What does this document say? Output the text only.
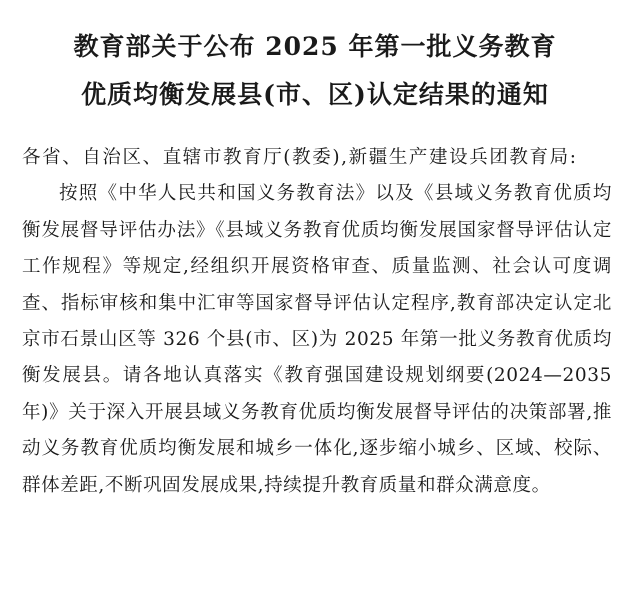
教育部关于公布 2025 年第一批义务教育
优质均衡发展县(市、区)认定结果的通知

各省、自治区、直辖市教育厅(教委),新疆生产建设兵团教育局:

按照《中华人民共和国义务教育法》以及《县域义务教育优质均衡发展督导评估办法》《县域义务教育优质均衡发展国家督导评估认定工作规程》等规定,经组织开展资格审查、质量监测、社会认可度调查、指标审核和集中汇审等国家督导评估认定程序,教育部决定认定北京市石景山区等 326 个县(市、区)为 2025 年第一批义务教育优质均衡发展县。请各地认真落实《教育强国建设规划纲要(2024—2035 年)》关于深入开展县域义务教育优质均衡发展督导评估的决策部署,推动义务教育优质均衡发展和城乡一体化,逐步缩小城乡、区域、校际、群体差距,不断巩固发展成果,持续提升教育质量和群众满意度。
